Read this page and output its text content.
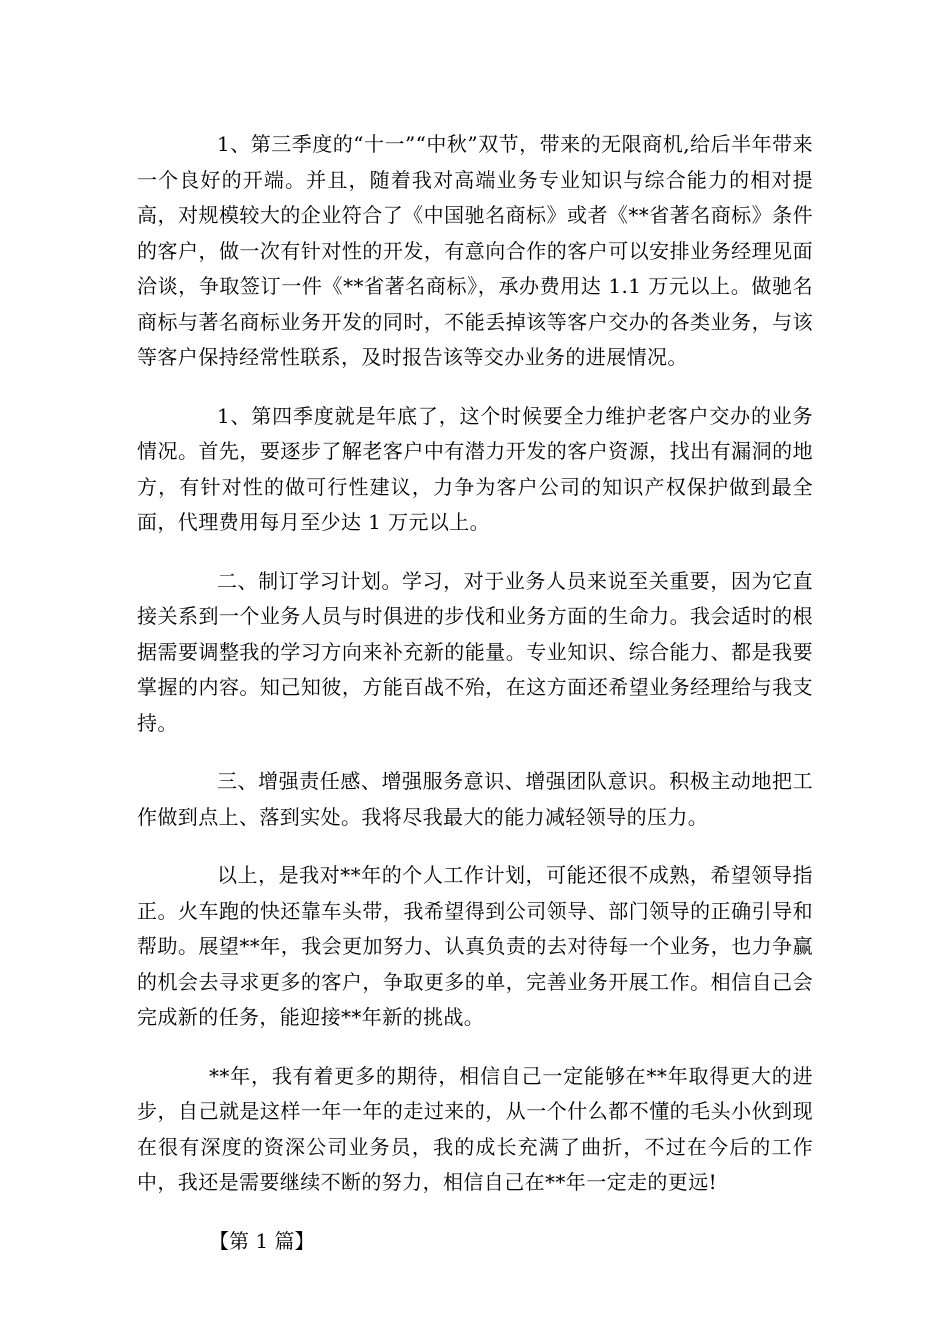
1、第三季度的“十一”“中秋”双节，带来的无限商机,给后半年带来一个良好的开端。并且，随着我对高端业务专业知识与综合能力的相对提高，对规模较大的企业符合了《中国驰名商标》或者《**省著名商标》条件的客户，做一次有针对性的开发，有意向合作的客户可以安排业务经理见面洽谈，争取签订一件《**省著名商标》，承办费用达 1.1 万元以上。做驰名商标与著名商标业务开发的同时，不能丢掉该等客户交办的各类业务，与该等客户保持经常性联系，及时报告该等交办业务的进展情况。

1、第四季度就是年底了，这个时候要全力维护老客户交办的业务情况。首先，要逐步了解老客户中有潜力开发的客户资源，找出有漏洞的地方，有针对性的做可行性建议，力争为客户公司的知识产权保护做到最全面，代理费用每月至少达 1 万元以上。

二、制订学习计划。学习，对于业务人员来说至关重要，因为它直接关系到一个业务人员与时俱进的步伐和业务方面的生命力。我会适时的根据需要调整我的学习方向来补充新的能量。专业知识、综合能力、都是我要掌握的内容。知己知彼，方能百战不殆，在这方面还希望业务经理给与我支持。

三、增强责任感、增强服务意识、增强团队意识。积极主动地把工作做到点上、落到实处。我将尽我最大的能力减轻领导的压力。

以上，是我对**年的个人工作计划，可能还很不成熟，希望领导指正。火车跑的快还靠车头带，我希望得到公司领导、部门领导的正确引导和帮助。展望**年，我会更加努力、认真负责的去对待每一个业务，也力争赢的机会去寻求更多的客户，争取更多的单，完善业务开展工作。相信自己会完成新的任务，能迎接**年新的挑战。

**年，我有着更多的期待，相信自己一定能够在**年取得更大的进步，自己就是这样一年一年的走过来的，从一个什么都不懂的毛头小伙到现在很有深度的资深公司业务员，我的成长充满了曲折，不过在今后的工作中，我还是需要继续不断的努力，相信自己在**年一定走的更远!

【第 1 篇】
